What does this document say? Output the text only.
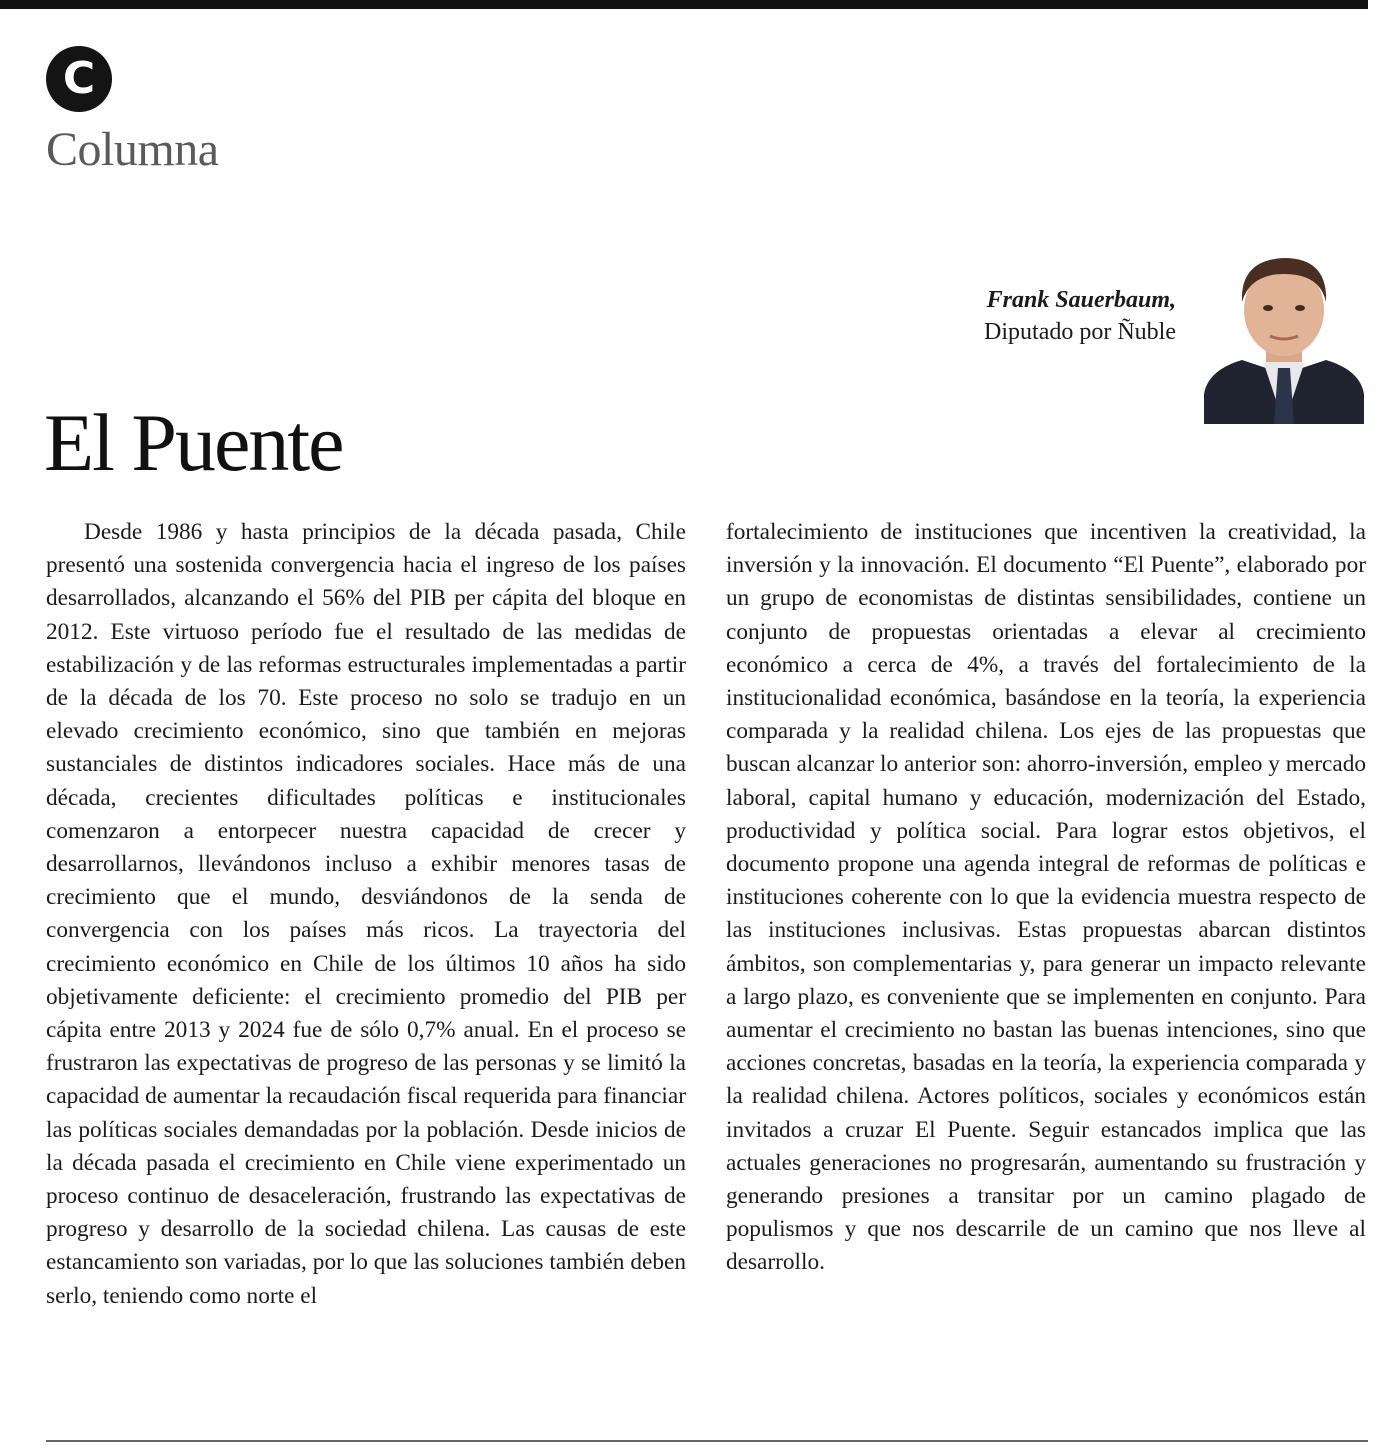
C
Columna
Frank Sauerbaum,
Diputado por Ñuble
El Puente

Desde 1986 y hasta principios de la década pasada, Chile presentó una sostenida convergencia hacia el ingreso de los países desarrollados, alcanzando el 56% del PIB per cápita del bloque en 2012. Este virtuoso período fue el resultado de las medidas de estabilización y de las reformas estructurales implementadas a partir de la década de los 70. Este proceso no solo se tradujo en un elevado crecimiento económico, sino que también en mejoras sustanciales de distintos indicadores sociales. Hace más de una década, crecientes dificultades políticas e institucionales comenzaron a entorpecer nuestra capacidad de crecer y desarrollarnos, llevándonos incluso a exhibir menores tasas de crecimiento que el mundo, desviándonos de la senda de convergencia con los países más ricos. La trayectoria del crecimiento económico en Chile de los últimos 10 años ha sido objetivamente deficiente: el crecimiento promedio del PIB per cápita entre 2013 y 2024 fue de sólo 0,7% anual. En el proceso se frustraron las expectativas de progreso de las personas y se limitó la capacidad de aumentar la recaudación fiscal requerida para financiar las políticas sociales demandadas por la población. Desde inicios de la década pasada el crecimiento en Chile viene experimentado un proceso continuo de desaceleración, frustrando las expectativas de progreso y desarrollo de la sociedad chilena. Las causas de este estancamiento son variadas, por lo que las soluciones también deben serlo, teniendo como norte el

fortalecimiento de instituciones que incentiven la creatividad, la inversión y la innovación. El documento “El Puente”, elaborado por un grupo de economistas de distintas sensibilidades, contiene un conjunto de propuestas orientadas a elevar al crecimiento económico a cerca de 4%, a través del fortalecimiento de la institucionalidad económica, basándose en la teoría, la experiencia comparada y la realidad chilena. Los ejes de las propuestas que buscan alcanzar lo anterior son: ahorro-inversión, empleo y mercado laboral, capital humano y educación, modernización del Estado, productividad y política social. Para lograr estos objetivos, el documento propone una agenda integral de reformas de políticas e instituciones coherente con lo que la evidencia muestra respecto de las instituciones inclusivas. Estas propuestas abarcan distintos ámbitos, son complementarias y, para generar un impacto relevante a largo plazo, es conveniente que se implementen en conjunto. Para aumentar el crecimiento no bastan las buenas intenciones, sino que acciones concretas, basadas en la teoría, la experiencia comparada y la realidad chilena. Actores políticos, sociales y económicos están invitados a cruzar El Puente. Seguir estancados implica que las actuales generaciones no progresarán, aumentando su frustración y generando presiones a transitar por un camino plagado de populismos y que nos descarrile de un camino que nos lleve al desarrollo.
